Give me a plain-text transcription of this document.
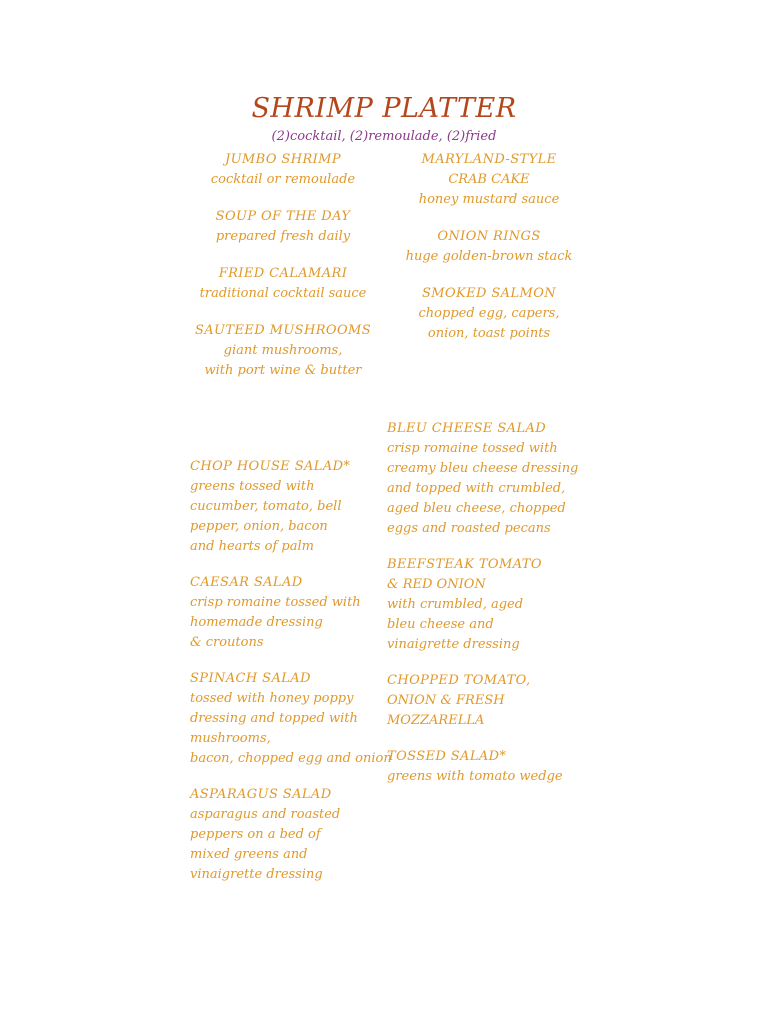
SHRIMP PLATTER
(2)cocktail, (2)remoulade, (2)fried
JUMBO SHRIMP
cocktail or remoulade
SOUP OF THE DAY
prepared fresh daily
FRIED CALAMARI
traditional cocktail sauce
SAUTEED MUSHROOMS
giant mushrooms,
with port wine & butter
MARYLAND-STYLE
CRAB CAKE
honey mustard sauce
ONION RINGS
huge golden-brown stack
SMOKED SALMON
chopped egg, capers,
onion, toast points
CHOP HOUSE SALAD*
greens tossed with
cucumber, tomato, bell
pepper, onion, bacon
and hearts of palm
CAESAR SALAD
crisp romaine tossed with
homemade dressing
& croutons
SPINACH SALAD
tossed with honey poppy
dressing and topped with
mushrooms,
bacon, chopped egg and onion
ASPARAGUS SALAD
asparagus and roasted
peppers on a bed of
mixed greens and
vinaigrette dressing
BLEU CHEESE SALAD
crisp romaine tossed with
creamy bleu cheese dressing
and topped with crumbled,
aged bleu cheese, chopped
eggs and roasted pecans
BEEFSTEAK TOMATO
& RED ONION
with crumbled, aged
bleu cheese and
vinaigrette dressing
CHOPPED TOMATO,
ONION & FRESH
MOZZARELLA
TOSSED SALAD*
greens with tomato wedge
